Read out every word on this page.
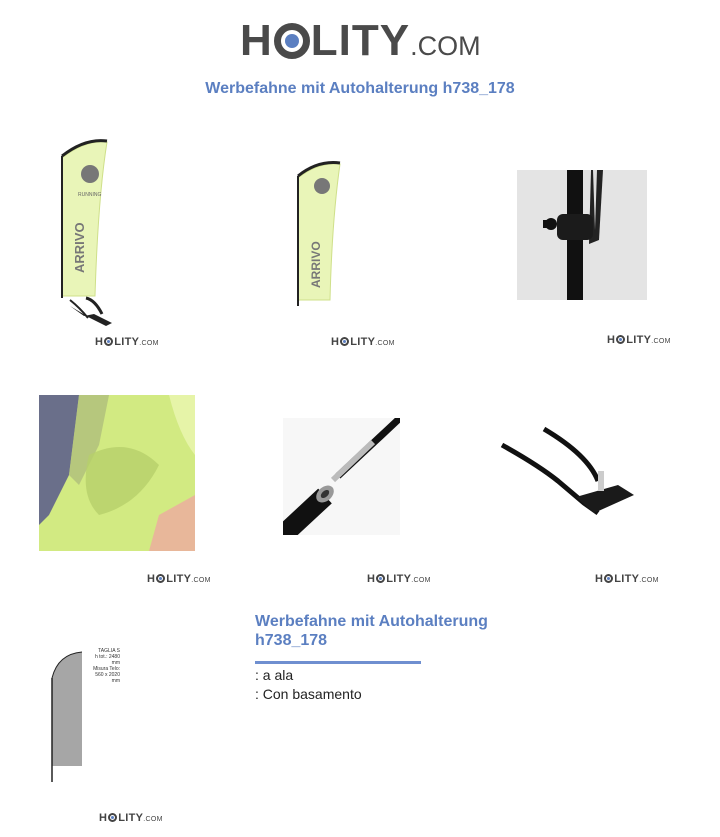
H LITY.COM
Werbefahne mit Autohalterung h738_178
RUNNING
ARRIVO
H LITY.COM
ARRIVO
H LITY.COM	H LITY.COM
H LITY.COM	H LITY.COM	H LITY.COM
TAGLIA S
h tot.: 2480 mm
Misura Telo:
560 x 2020 mm
H LITY.COM
Werbefahne mit Autohalterung
h738_178
: a ala
: Con basamento
